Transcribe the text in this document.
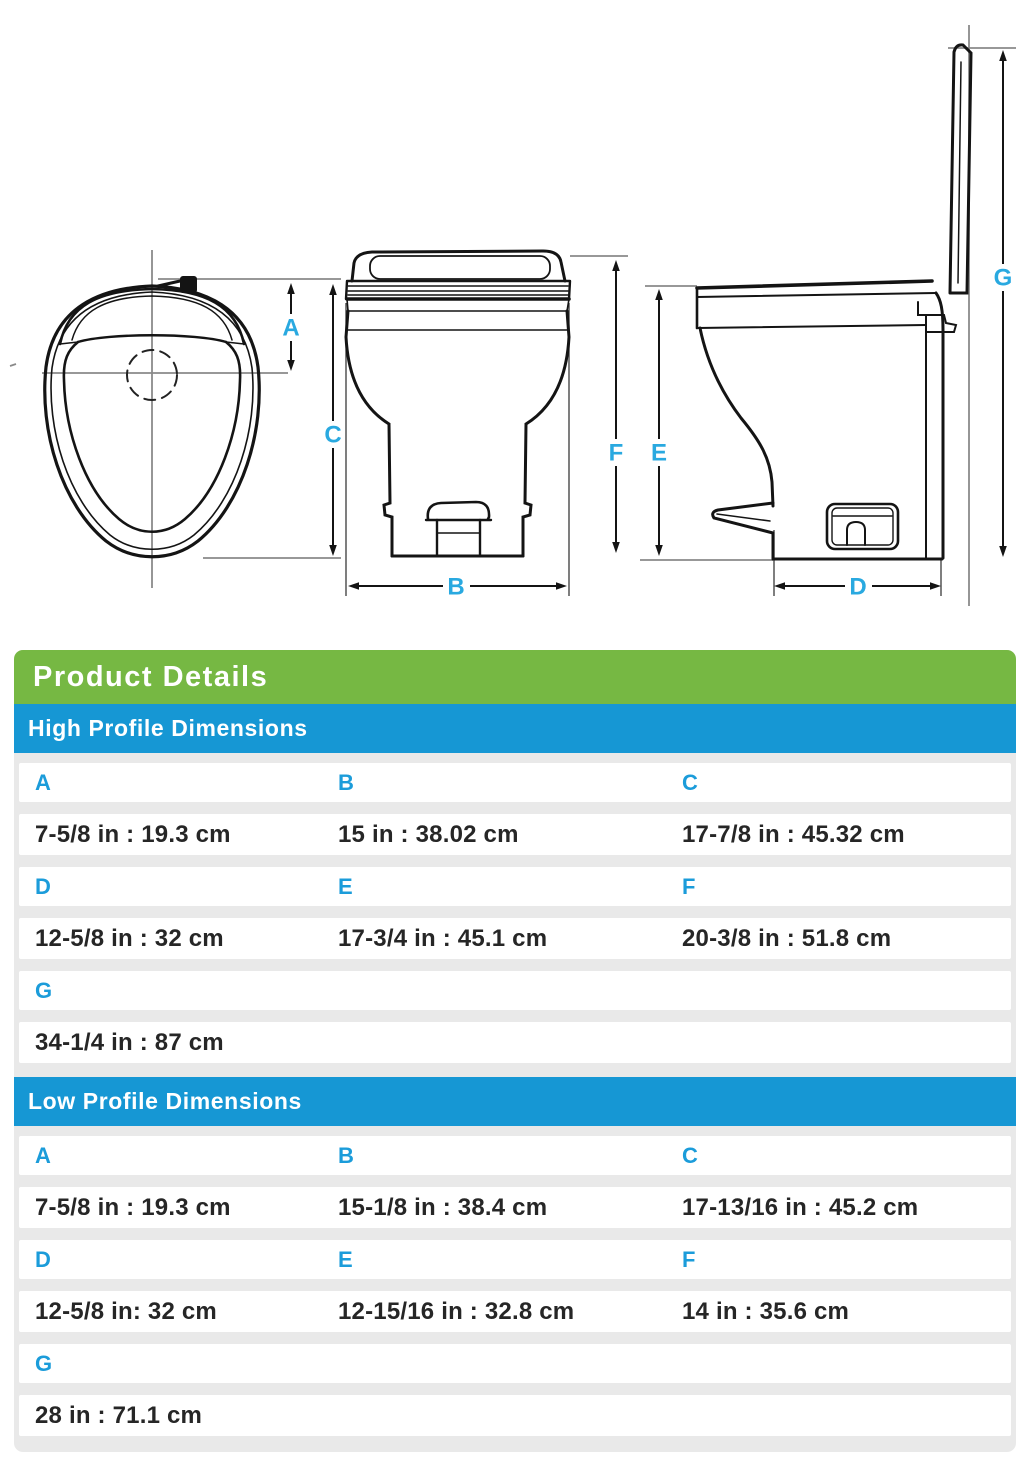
A
C
B
F E
D
G
Product Details
High Profile Dimensions
A	B	C
7-5/8 in : 19.3 cm	15 in : 38.02 cm	17-7/8 in : 45.32 cm
D	E	F
12-5/8 in : 32 cm	17-3/4 in : 45.1 cm	20-3/8 in : 51.8 cm
G
34-1/4 in : 87 cm
Low Profile Dimensions
A	B	C
7-5/8 in : 19.3 cm	15-1/8 in : 38.4 cm	17-13/16 in : 45.2 cm
D	E	F
12-5/8 in: 32 cm	12-15/16 in : 32.8 cm	14 in : 35.6 cm
G
28 in : 71.1 cm
